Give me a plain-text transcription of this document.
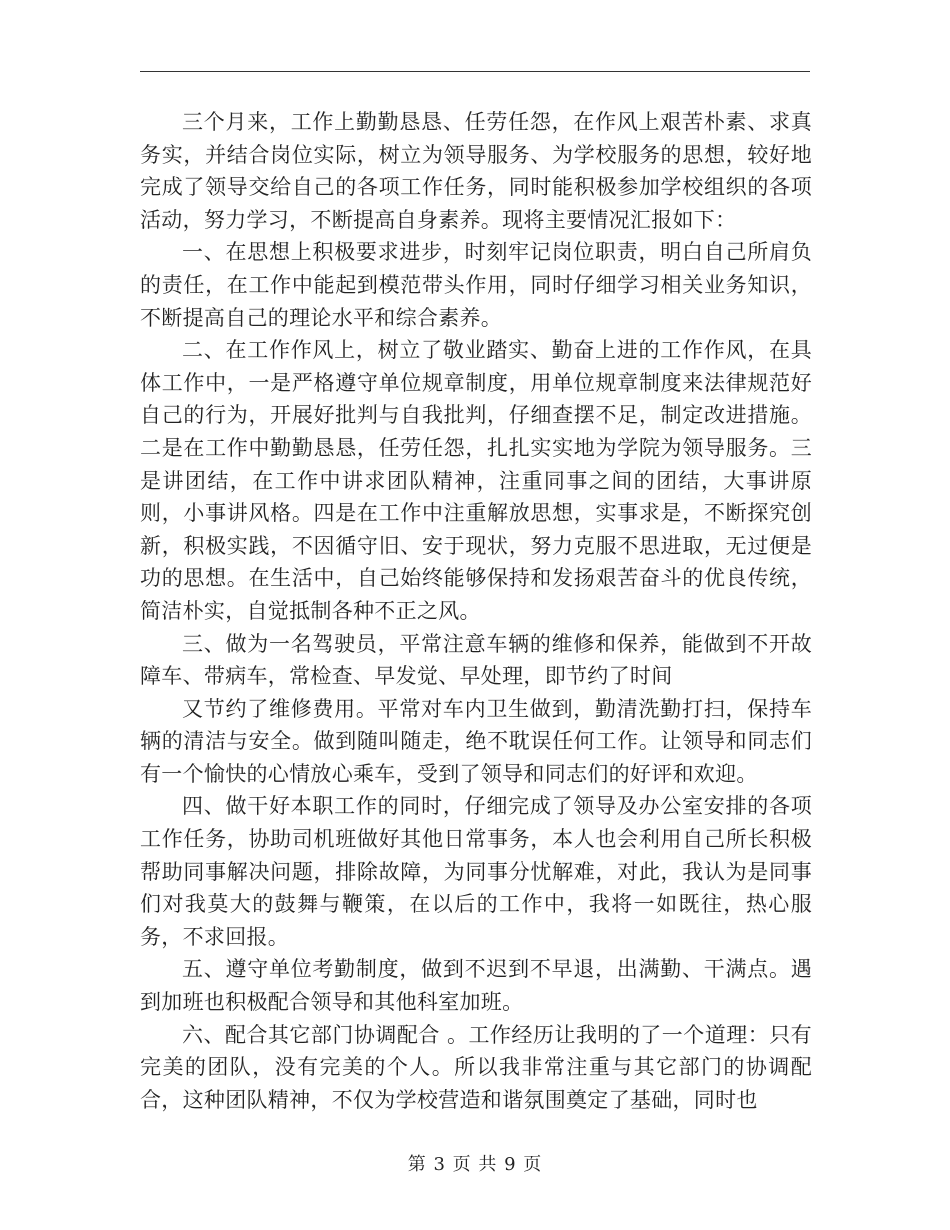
三个月来，工作上勤勤恳恳、任劳任怨，在作风上艰苦朴素、求真务实，并结合岗位实际，树立为领导服务、为学校服务的思想，较好地完成了领导交给自己的各项工作任务，同时能积极参加学校组织的各项活动，努力学习，不断提高自身素养。现将主要情况汇报如下：

一、在思想上积极要求进步，时刻牢记岗位职责，明白自己所肩负的责任，在工作中能起到模范带头作用，同时仔细学习相关业务知识，不断提高自己的理论水平和综合素养。

二、在工作作风上，树立了敬业踏实、勤奋上进的工作作风，在具体工作中，一是严格遵守单位规章制度，用单位规章制度来法律规范好自己的行为，开展好批判与自我批判，仔细查摆不足，制定改进措施。二是在工作中勤勤恳恳，任劳任怨，扎扎实实地为学院为领导服务。三是讲团结，在工作中讲求团队精神，注重同事之间的团结，大事讲原则，小事讲风格。四是在工作中注重解放思想，实事求是，不断探究创新，积极实践，不因循守旧、安于现状，努力克服不思进取，无过便是功的思想。在生活中，自己始终能够保持和发扬艰苦奋斗的优良传统，简洁朴实，自觉抵制各种不正之风。

三、做为一名驾驶员，平常注意车辆的维修和保养，能做到不开故障车、带病车，常检查、早发觉、早处理，即节约了时间

又节约了维修费用。平常对车内卫生做到，勤清洗勤打扫，保持车辆的清洁与安全。做到随叫随走，绝不耽误任何工作。让领导和同志们有一个愉快的心情放心乘车，受到了领导和同志们的好评和欢迎。

四、做干好本职工作的同时，仔细完成了领导及办公室安排的各项工作任务，协助司机班做好其他日常事务，本人也会利用自己所长积极帮助同事解决问题，排除故障，为同事分忧解难，对此，我认为是同事们对我莫大的鼓舞与鞭策，在以后的工作中，我将一如既往，热心服务，不求回报。

五、遵守单位考勤制度，做到不迟到不早退，出满勤、干满点。遇到加班也积极配合领导和其他科室加班。

六、配合其它部门协调配合 。工作经历让我明的了一个道理：只有完美的团队，没有完美的个人。所以我非常注重与其它部门的协调配合，这种团队精神，不仅为学校营造和谐氛围奠定了基础，同时也

第 3 页 共 9 页
